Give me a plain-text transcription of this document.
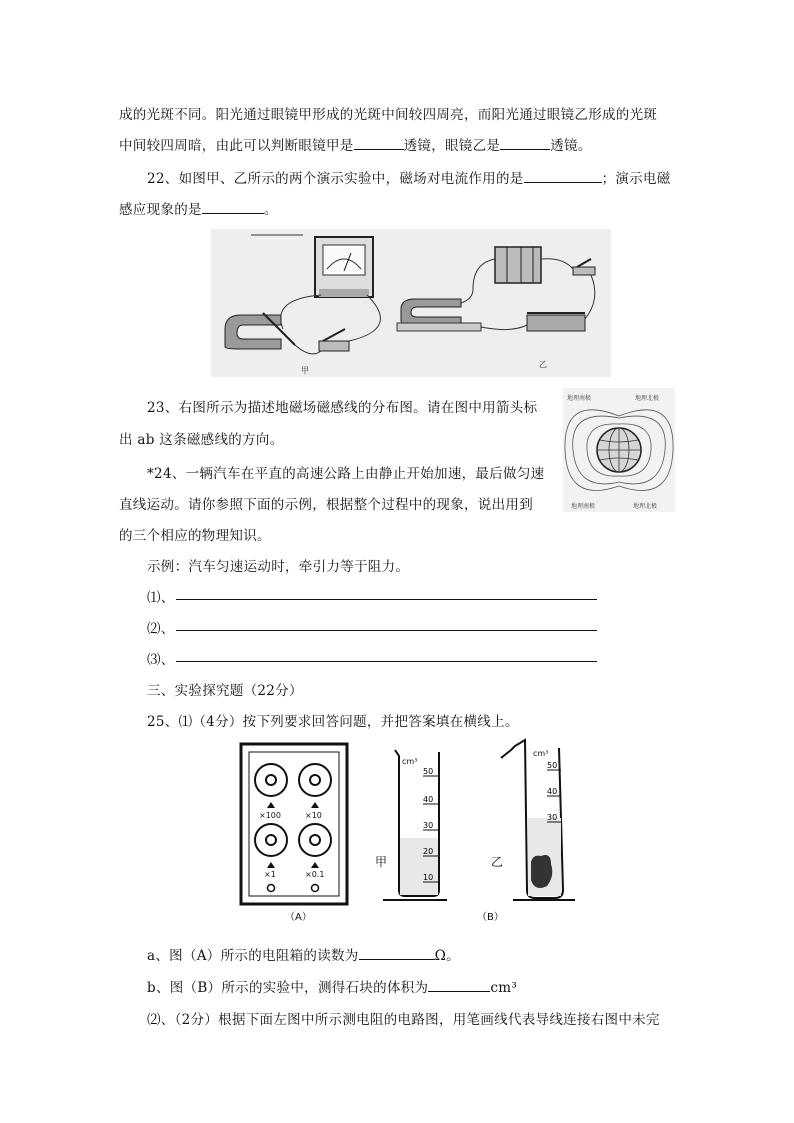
成的光斑不同。阳光通过眼镜甲形成的光斑中间较四周亮，而阳光通过眼镜乙形成的光斑
中间较四周暗，由此可以判断眼镜甲是	透镜，眼镜乙是	透镜。
22、如图甲、乙所示的两个演示实验中，磁场对电流作用的是	；演示电磁
感应现象的是	。
甲
乙
23、右图所示为描述地磁场磁感线的分布图。请在图中用箭头标
出 ab 这条磁感线的方向。
地理南极	地理北极
地理南极	地理北极
*24、一辆汽车在平直的高速公路上由静止开始加速，最后做匀速
直线运动。请你参照下面的示例，根据整个过程中的现象，说出用到
的三个相应的物理知识。
示例：汽车匀速运动时，牵引力等于阻力。
⑴、
⑵、
⑶、
三、实验探究题（22分）
25、⑴（4分）按下列要求回答问题，并把答案填在横线上。
×100	×10
×1	×0.1
（A）
cm³
50
40
30
20
10
甲
cm³
50
40
30
乙
（B）
a、图（A）所示的电阻箱的读数为	Ω。
b、图（B）所示的实验中，测得石块的体积为	cm³
⑵、（2分）根据下面左图中所示测电阻的电路图，用笔画线代表导线连接右图中未完
